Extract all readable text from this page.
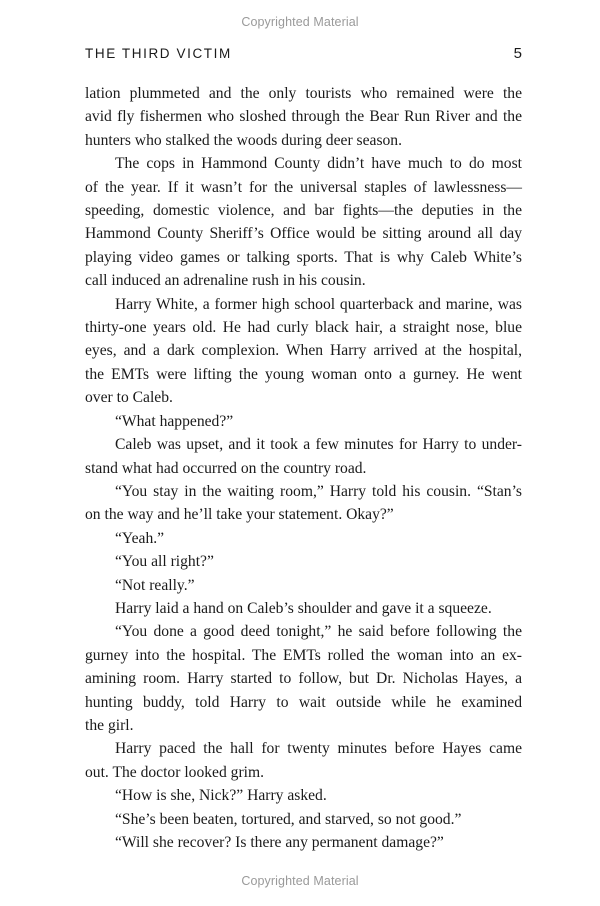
Copyrighted Material
THE THIRD VICTIM	5
lation plummeted and the only tourists who remained were the
avid fly fishermen who sloshed through the Bear Run River and the
hunters who stalked the woods during deer season.
The cops in Hammond County didn’t have much to do most
of the year. If it wasn’t for the universal staples of lawlessness—
speeding, domestic violence, and bar fights—the deputies in the
Hammond County Sheriff’s Office would be sitting around all day
playing video games or talking sports. That is why Caleb White’s
call induced an adrenaline rush in his cousin.
Harry White, a former high school quarterback and marine, was
thirty-one years old. He had curly black hair, a straight nose, blue
eyes, and a dark complexion. When Harry arrived at the hospital,
the EMTs were lifting the young woman onto a gurney. He went
over to Caleb.
“What happened?”
Caleb was upset, and it took a few minutes for Harry to under-
stand what had occurred on the country road.
“You stay in the waiting room,” Harry told his cousin. “Stan’s
on the way and he’ll take your statement. Okay?”
“Yeah.”
“You all right?”
“Not really.”
Harry laid a hand on Caleb’s shoulder and gave it a squeeze.
“You done a good deed tonight,” he said before following the
gurney into the hospital. The EMTs rolled the woman into an ex-
amining room. Harry started to follow, but Dr. Nicholas Hayes, a
hunting buddy, told Harry to wait outside while he examined
the girl.
Harry paced the hall for twenty minutes before Hayes came
out. The doctor looked grim.
“How is she, Nick?” Harry asked.
“She’s been beaten, tortured, and starved, so not good.”
“Will she recover? Is there any permanent damage?”
Copyrighted Material
